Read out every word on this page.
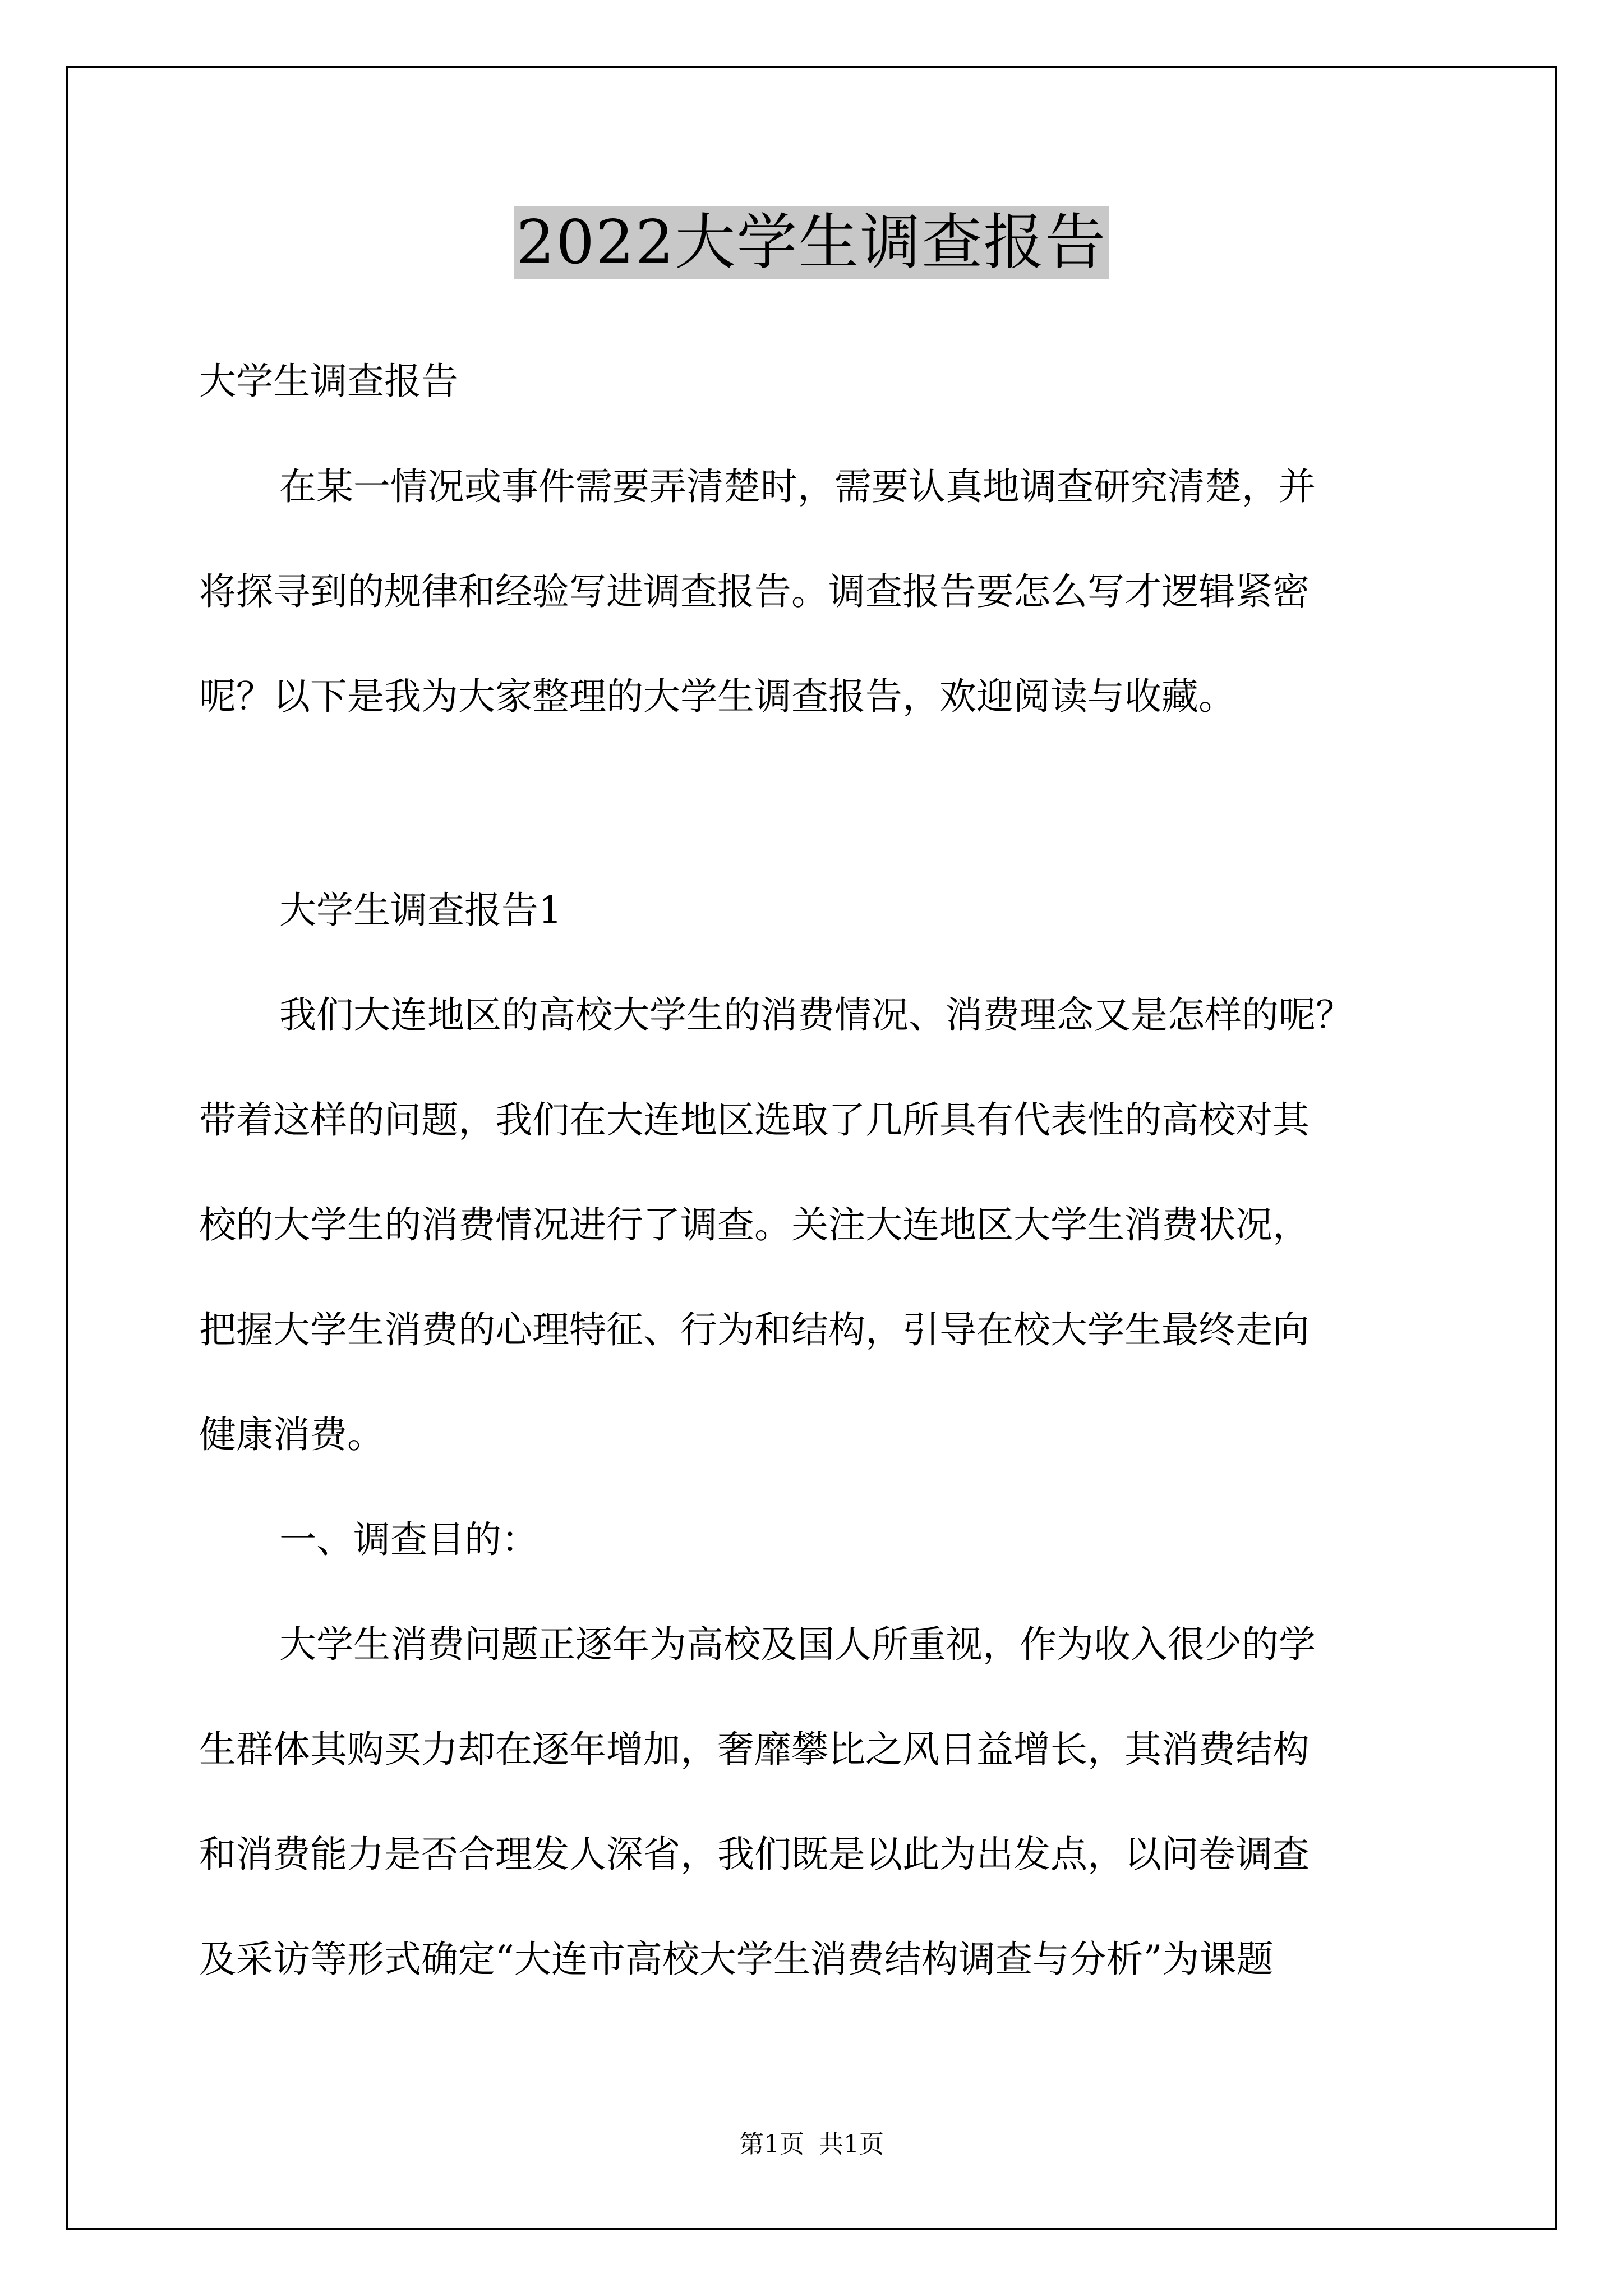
2022大学生调查报告
大学生调查报告
在某一情况或事件需要弄清楚时，需要认真地调查研究清楚，并
将探寻到的规律和经验写进调查报告。调查报告要怎么写才逻辑紧密
呢？以下是我为大家整理的大学生调查报告，欢迎阅读与收藏。
大学生调查报告1
我们大连地区的高校大学生的消费情况、消费理念又是怎样的呢？
带着这样的问题，我们在大连地区选取了几所具有代表性的高校对其
校的大学生的消费情况进行了调查。关注大连地区大学生消费状况，
把握大学生消费的心理特征、行为和结构，引导在校大学生最终走向
健康消费。
一、调查目的：
大学生消费问题正逐年为高校及国人所重视，作为收入很少的学
生群体其购买力却在逐年增加，奢靡攀比之风日益增长，其消费结构
和消费能力是否合理发人深省，我们既是以此为出发点，以问卷调查
及采访等形式确定“大连市高校大学生消费结构调查与分析”为课题
第1页 共1页
